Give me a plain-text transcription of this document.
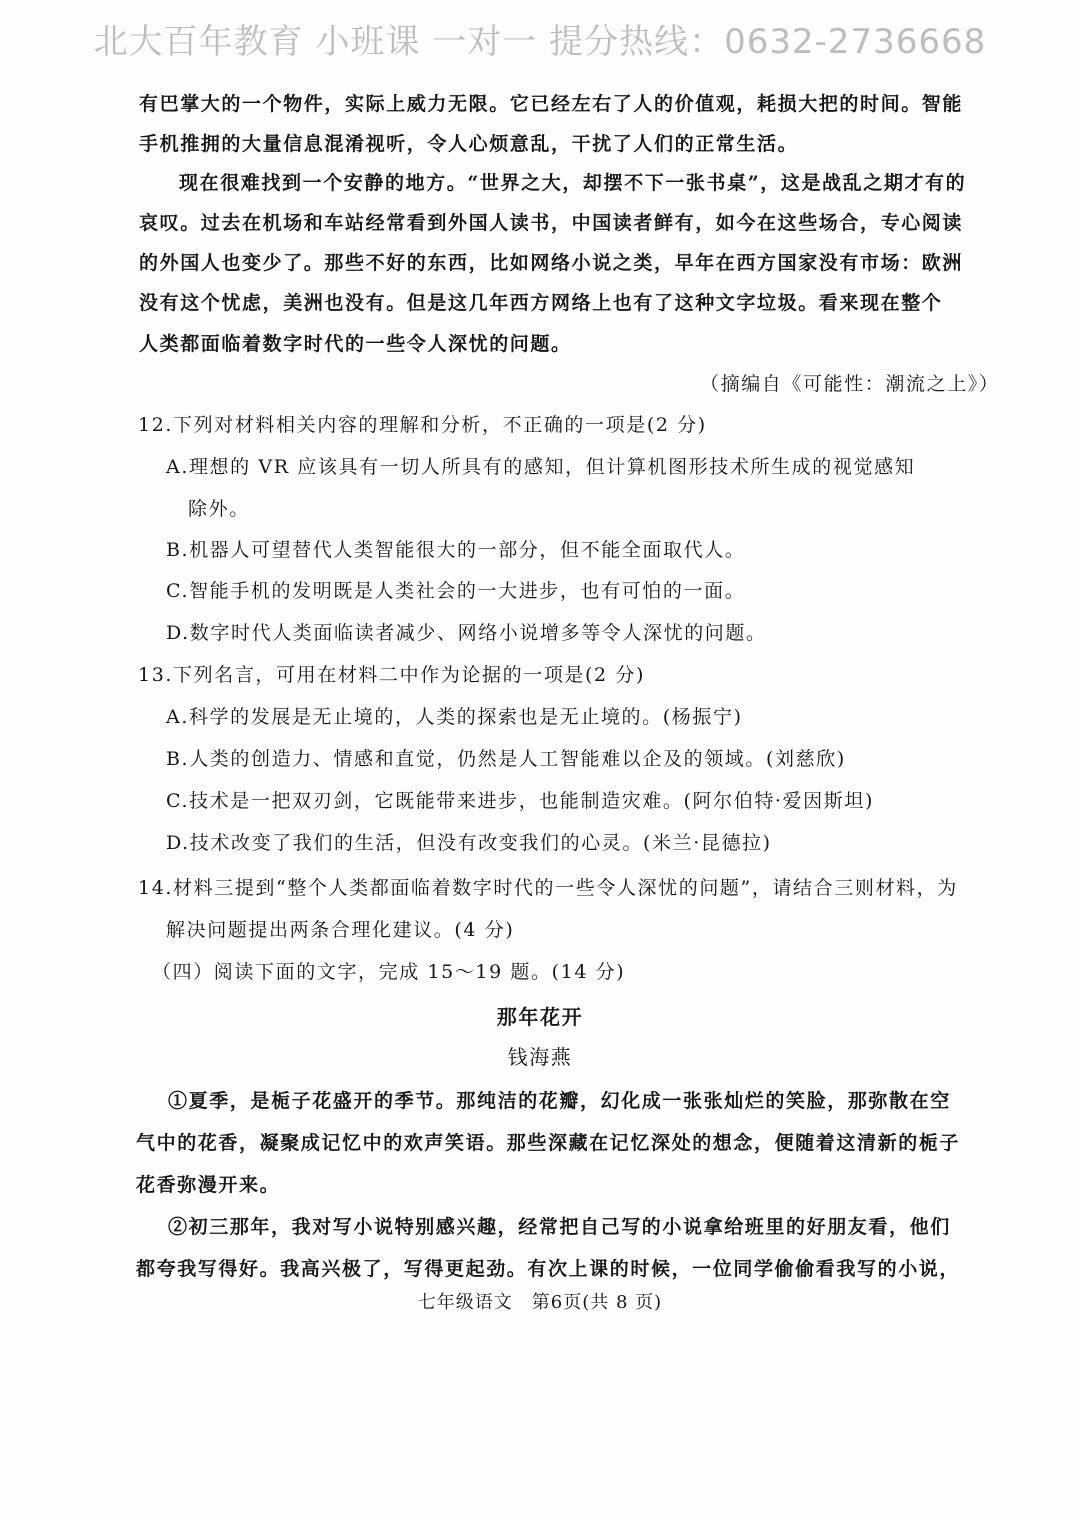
北大百年教育 小班课 一对一 提分热线：0632-2736668
有巴掌大的一个物件，实际上威力无限。它已经左右了人的价值观，耗损大把的时间。智能
手机推拥的大量信息混淆视听，令人心烦意乱，干扰了人们的正常生活。
现在很难找到一个安静的地方。“世界之大，却摆不下一张书桌”，这是战乱之期才有的
哀叹。过去在机场和车站经常看到外国人读书，中国读者鲜有，如今在这些场合，专心阅读
的外国人也变少了。那些不好的东西，比如网络小说之类，早年在西方国家没有市场：欧洲
没有这个忧虑，美洲也没有。但是这几年西方网络上也有了这种文字垃圾。看来现在整个
人类都面临着数字时代的一些令人深忧的问题。
（摘编自《可能性：潮流之上》）
12.下列对材料相关内容的理解和分析，不正确的一项是(2 分)
A.理想的 VR 应该具有一切人所具有的感知，但计算机图形技术所生成的视觉感知
除外。
B.机器人可望替代人类智能很大的一部分，但不能全面取代人。
C.智能手机的发明既是人类社会的一大进步，也有可怕的一面。
D.数字时代人类面临读者减少、网络小说增多等令人深忧的问题。
13.下列名言，可用在材料二中作为论据的一项是(2 分)
A.科学的发展是无止境的，人类的探索也是无止境的。(杨振宁)
B.人类的创造力、情感和直觉，仍然是人工智能难以企及的领域。(刘慈欣)
C.技术是一把双刃剑，它既能带来进步，也能制造灾难。(阿尔伯特·爱因斯坦)
D.技术改变了我们的生活，但没有改变我们的心灵。(米兰·昆德拉)
14.材料三提到“整个人类都面临着数字时代的一些令人深忧的问题”，请结合三则材料，为
解决问题提出两条合理化建议。(4 分)
（四）阅读下面的文字，完成 15～19 题。(14 分)
那年花开
钱海燕
①夏季，是栀子花盛开的季节。那纯洁的花瓣，幻化成一张张灿烂的笑脸，那弥散在空
气中的花香，凝聚成记忆中的欢声笑语。那些深藏在记忆深处的想念，便随着这清新的栀子
花香弥漫开来。
②初三那年，我对写小说特别感兴趣，经常把自己写的小说拿给班里的好朋友看，他们
都夸我写得好。我高兴极了，写得更起劲。有次上课的时候，一位同学偷偷看我写的小说，
七年级语文　第6页(共 8 页)
